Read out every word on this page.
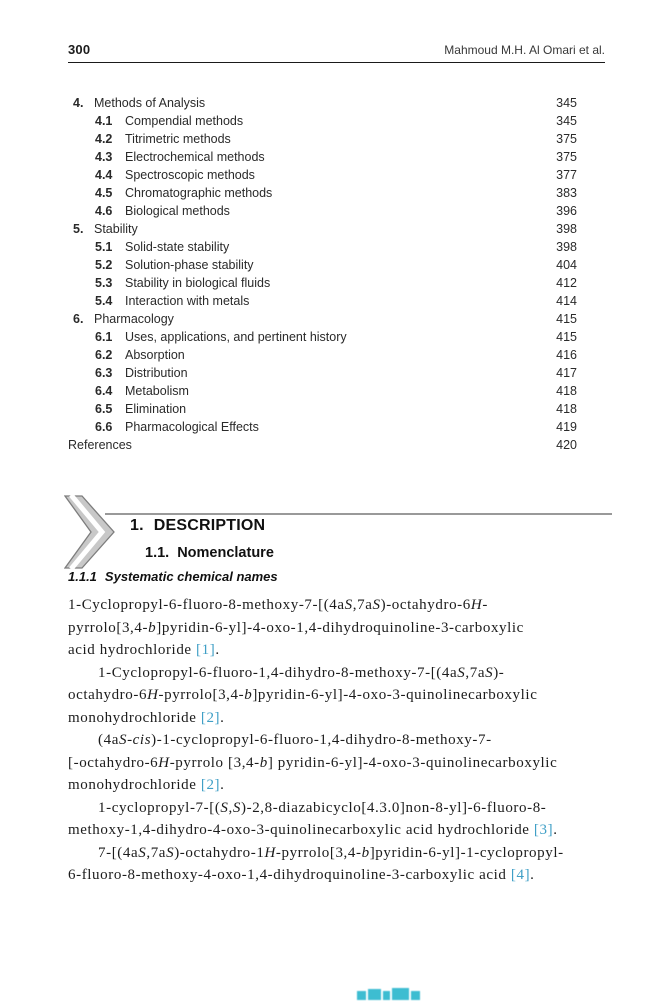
300	Mahmoud M.H. Al Omari et al.
4. Methods of Analysis	345
4.1	Compendial methods	345
4.2	Titrimetric methods	375
4.3	Electrochemical methods	375
4.4	Spectroscopic methods	377
4.5	Chromatographic methods	383
4.6	Biological methods	396
5. Stability	398
5.1	Solid-state stability	398
5.2	Solution-phase stability	404
5.3	Stability in biological fluids	412
5.4	Interaction with metals	414
6. Pharmacology	415
6.1	Uses, applications, and pertinent history	415
6.2	Absorption	416
6.3	Distribution	417
6.4	Metabolism	418
6.5	Elimination	418
6.6	Pharmacological Effects	419
References	420
1. DESCRIPTION
1.1. Nomenclature
1.1.1 Systematic chemical names

1-Cyclopropyl-6-fluoro-8-methoxy-7-[(4aS,7aS)-octahydro-6H-
pyrrolo[3,4-b]pyridin-6-yl]-4-oxo-1,4-dihydroquinoline-3-carboxylic
acid hydrochloride [1].

1-Cyclopropyl-6-fluoro-1,4-dihydro-8-methoxy-7-[(4aS,7aS)-
octahydro-6H-pyrrolo[3,4-b]pyridin-6-yl]-4-oxo-3-quinolinecarboxylic
monohydrochloride [2].

(4aS-cis)-1-cyclopropyl-6-fluoro-1,4-dihydro-8-methoxy-7-
[-octahydro-6H-pyrrolo [3,4-b] pyridin-6-yl]-4-oxo-3-quinolinecarboxylic
monohydrochloride [2].

1-cyclopropyl-7-[(S,S)-2,8-diazabicyclo[4.3.0]non-8-yl]-6-fluoro-8-
methoxy-1,4-dihydro-4-oxo-3-quinolinecarboxylic acid hydrochloride [3].

7-[(4aS,7aS)-octahydro-1H-pyrrolo[3,4-b]pyridin-6-yl]-1-cyclopropyl-
6-fluoro-8-methoxy-4-oxo-1,4-dihydroquinoline-3-carboxylic acid [4].
